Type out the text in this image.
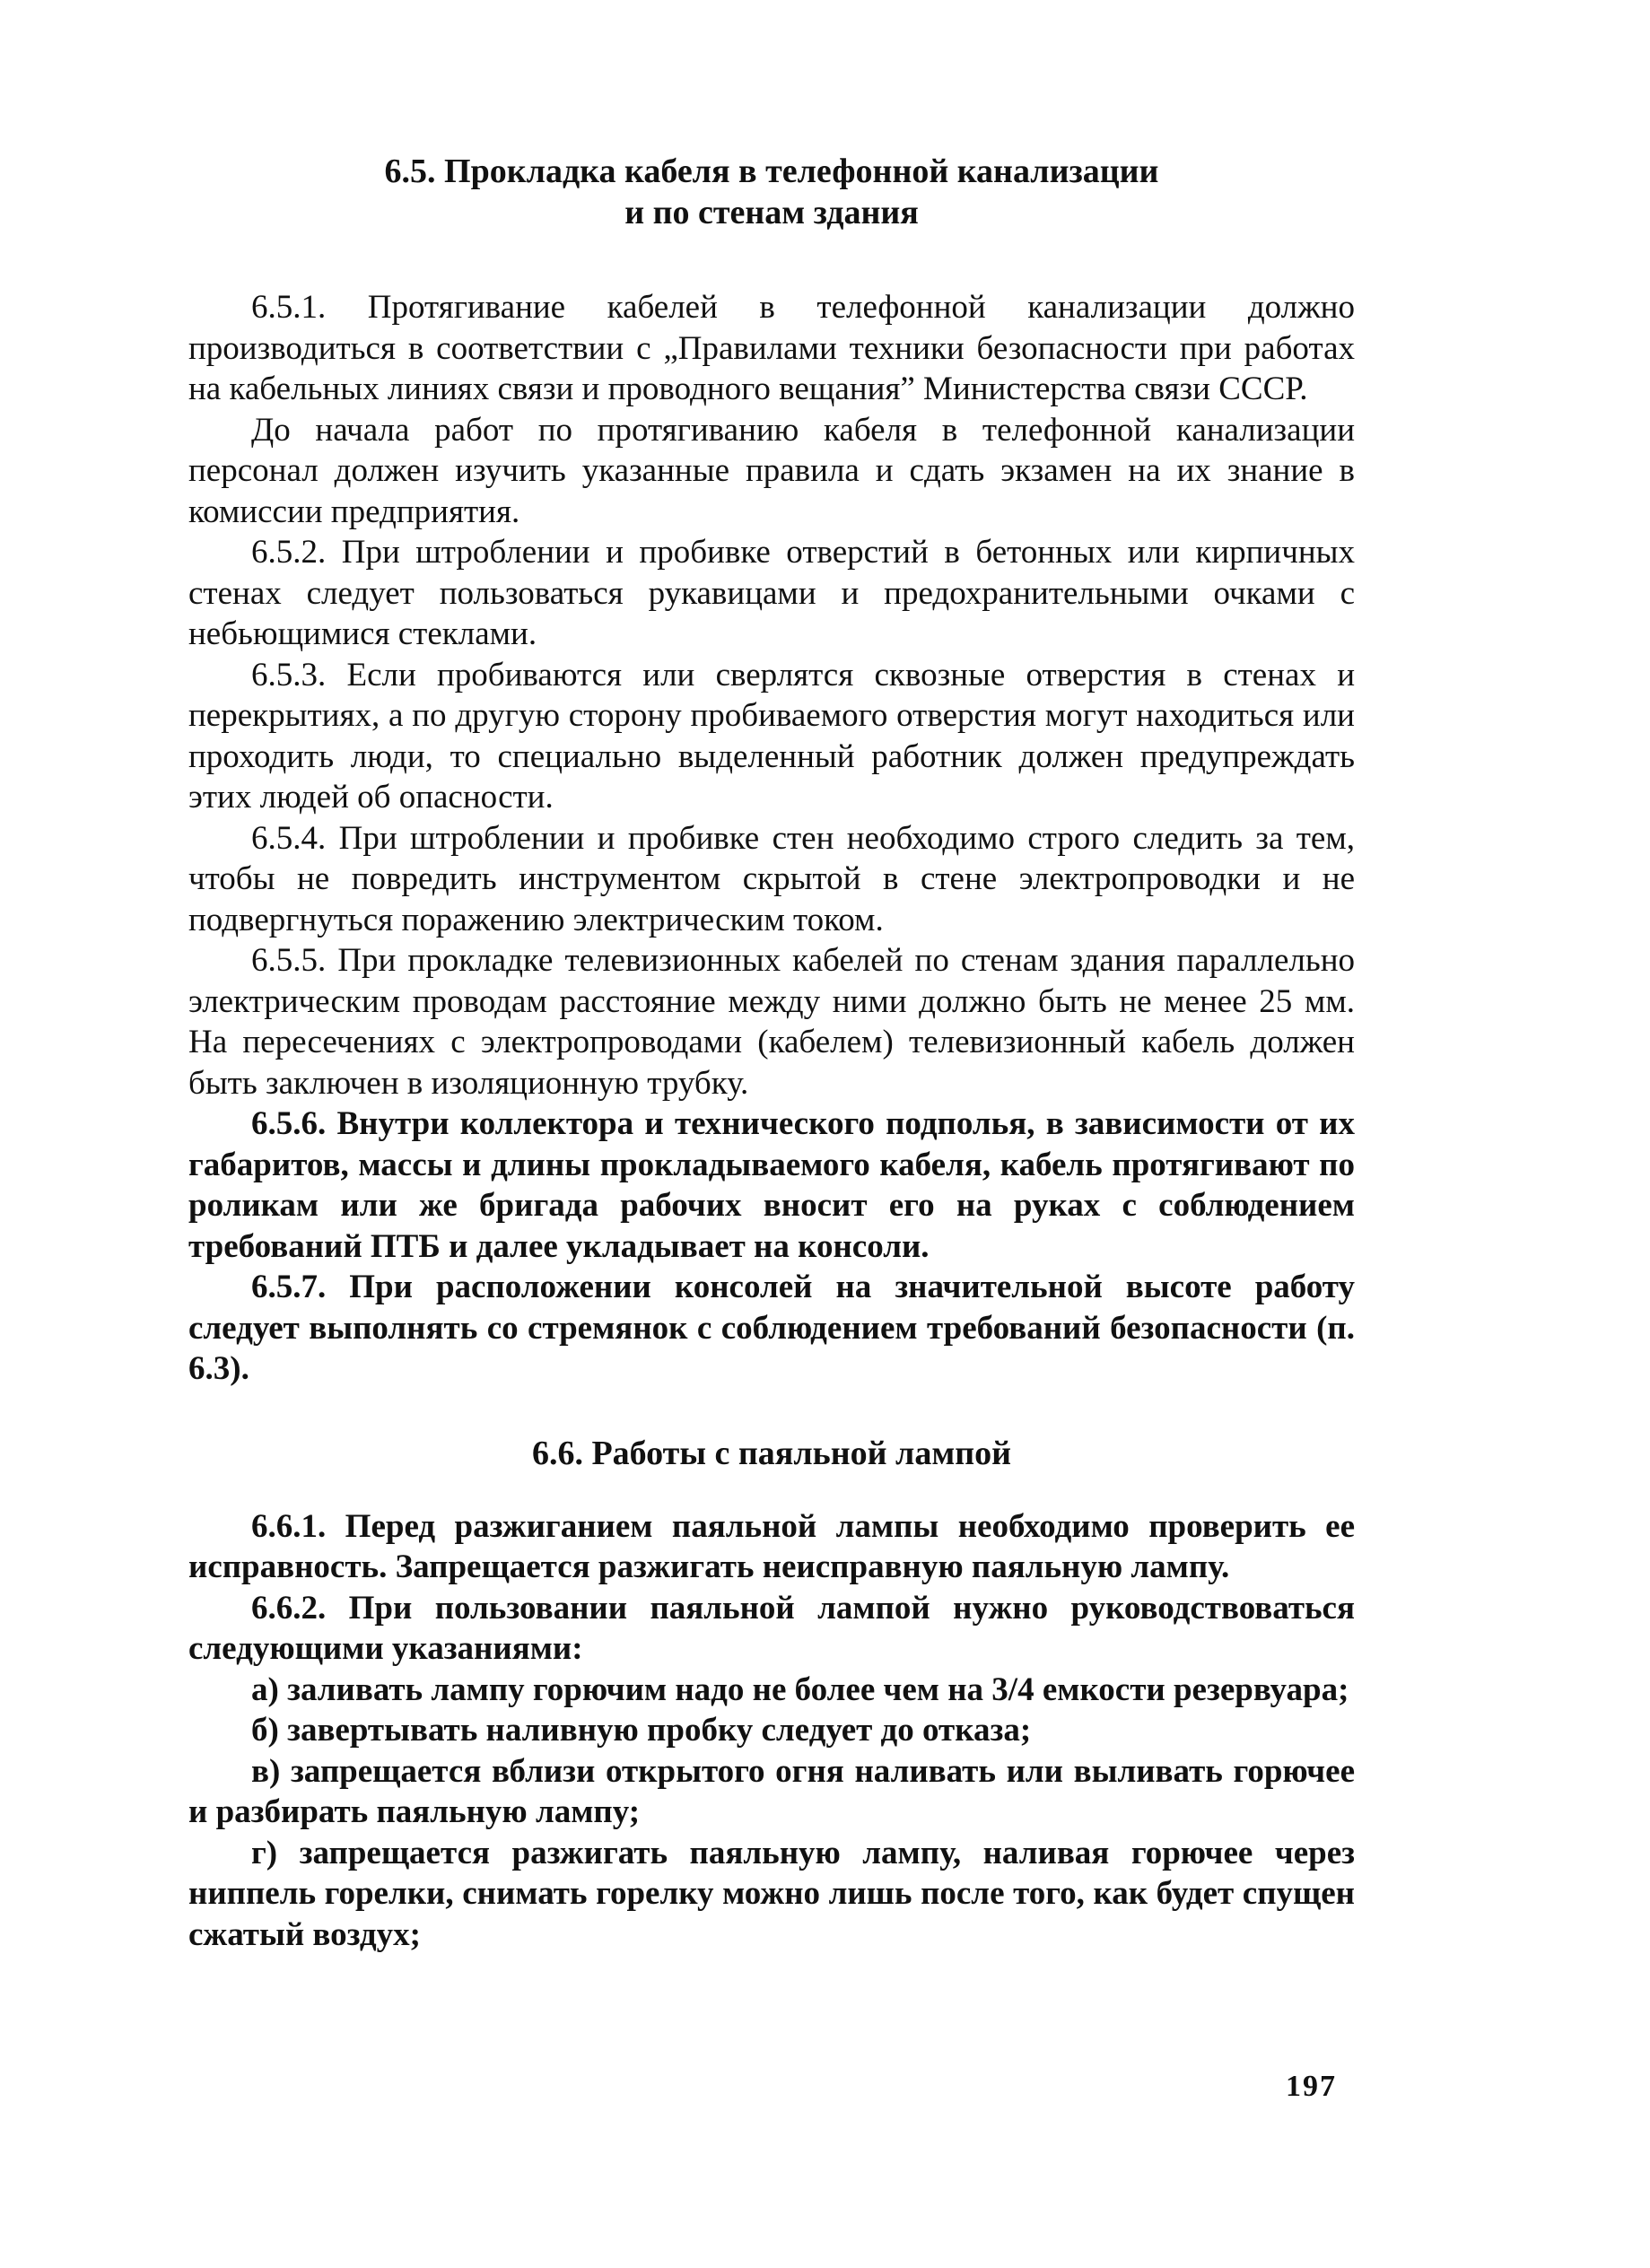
6.5. Прокладка кабеля в телефонной канализации
и по стенам здания

6.5.1. Протягивание кабелей в телефонной канализации должно производиться в соответствии с „Правилами техники безопасности при работах на кабельных линиях связи и проводного вещания” Министерства связи СССР.

До начала работ по протягиванию кабеля в телефонной канализации персонал должен изучить указанные правила и сдать экзамен на их знание в комиссии предприятия.

6.5.2. При штроблении и пробивке отверстий в бетонных или кирпичных стенах следует пользоваться рукавицами и предохранительными очками с небьющимися стеклами.

6.5.3. Если пробиваются или сверлятся сквозные отверстия в стенах и перекрытиях, а по другую сторону пробиваемого отверстия могут находиться или проходить люди, то специально выделенный работник должен предупреждать этих людей об опасности.

6.5.4. При штроблении и пробивке стен необходимо строго следить за тем, чтобы не повредить инструментом скрытой в стене электропроводки и не подвергнуться поражению электрическим током.

6.5.5. При прокладке телевизионных кабелей по стенам здания параллельно электрическим проводам расстояние между ними должно быть не менее 25 мм. На пересечениях с электропроводами (кабелем) телевизионный кабель должен быть заключен в изоляционную трубку.

6.5.6. Внутри коллектора и технического подполья, в зависимости от их габаритов, массы и длины прокладываемого кабеля, кабель протягивают по роликам или же бригада рабочих вносит его на руках с соблюдением требований ПТБ и далее укладывает на консоли.

6.5.7. При расположении консолей на значительной высоте работу следует выполнять со стремянок с соблюдением требований безопасности (п. 6.3).

6.6. Работы с паяльной лампой

6.6.1. Перед разжиганием паяльной лампы необходимо проверить ее исправность. Запрещается разжигать неисправную паяльную лампу.

6.6.2. При пользовании паяльной лампой нужно руководствоваться следующими указаниями:

а) заливать лампу горючим надо не более чем на 3/4 емкости резервуара;

б) завертывать наливную пробку следует до отказа;

в) запрещается вблизи открытого огня наливать или выливать горючее и разбирать паяльную лампу;

г) запрещается разжигать паяльную лампу, наливая горючее через ниппель горелки, снимать горелку можно лишь после того, как будет спущен сжатый воздух;

197
